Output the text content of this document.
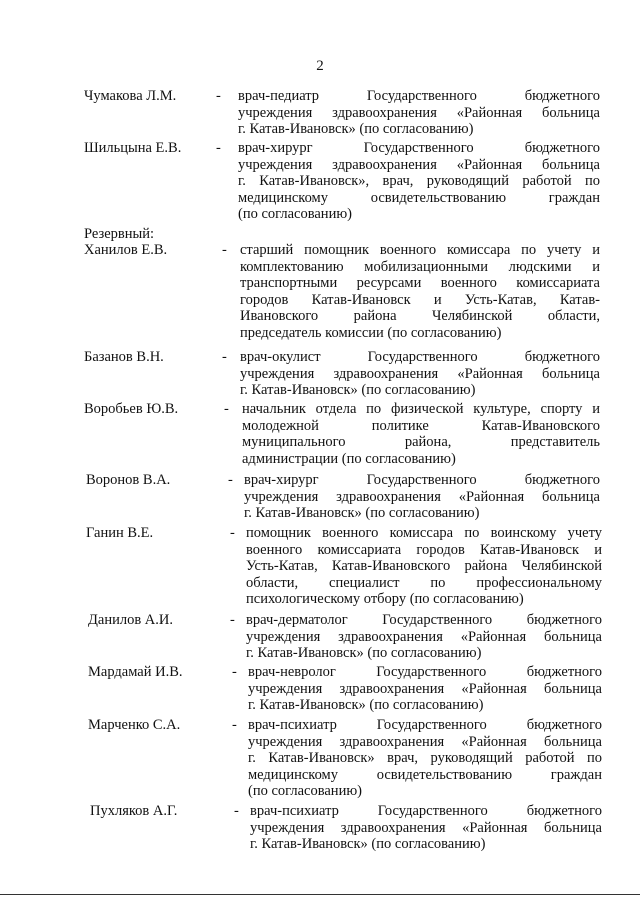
2
Резервный:
Чумакова Л.М.	- врач-педиатр Государственного бюджетного
учреждения здравоохранения «Районная больница
г. Катав-Ивановск» (по согласованию)
Шильцына Е.В. - врач-хирург Государственного бюджетного
учреждения здравоохранения «Районная больница
г. Катав-Ивановск», врач, руководящий работой по
медицинскому освидетельствованию граждан
(по согласованию)
Ханилов Е.В.	- старший помощник военного комиссара по учету и
комплектованию мобилизационными людскими и
транспортными ресурсами военного комиссариата
городов Катав-Ивановск и Усть-Катав, Катав-
Ивановского района Челябинской области,
председатель комиссии (по согласованию)
Базанов В.Н.	- врач-окулист Государственного бюджетного
учреждения здравоохранения «Районная больница
г. Катав-Ивановск» (по согласованию)
Воробьев Ю.В.	- начальник отдела по физической культуре, спорту и
молодежной политике Катав-Ивановского
муниципального района, представитель
администрации (по согласованию)
Воронов В.А.	- врач-хирург Государственного бюджетного
учреждения здравоохранения «Районная больница
г. Катав-Ивановск» (по согласованию)
Ганин В.Е.	- помощник военного комиссара по воинскому учету
военного комиссариата городов Катав-Ивановск и
Усть-Катав, Катав-Ивановского района Челябинской
области, специалист по профессиональному
психологическому отбору (по согласованию)
Данилов А.И.	- врач-дерматолог Государственного бюджетного
учреждения здравоохранения «Районная больница
г. Катав-Ивановск» (по согласованию)
Мардамай И.В.	- врач-невролог Государственного бюджетного
учреждения здравоохранения «Районная больница
г. Катав-Ивановск» (по согласованию)
Марченко С.А.	- врач-психиатр Государственного бюджетного
учреждения здравоохранения «Районная больница
г. Катав-Ивановск» врач, руководящий работой по
медицинскому освидетельствованию граждан
(по согласованию)
Пухляков А.Г.	- врач-психиатр Государственного бюджетного
учреждения здравоохранения «Районная больница
г. Катав-Ивановск» (по согласованию)
